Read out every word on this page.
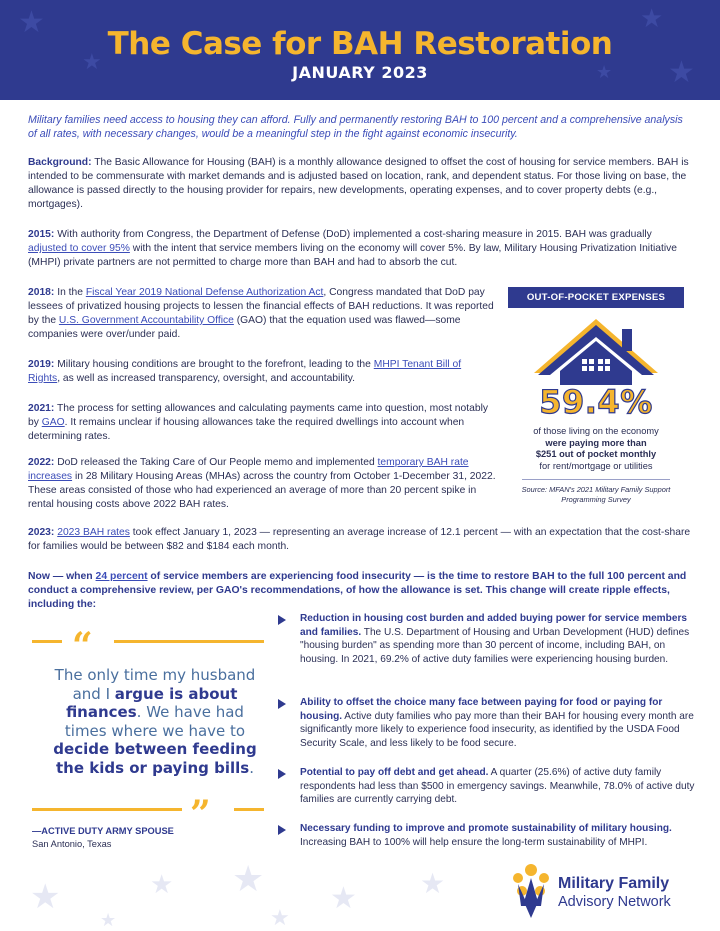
★
★
★
★
★
The Case for BAH Restoration
JANUARY 2023
Military families need access to housing they can afford. Fully and permanently restoring BAH to 100 percent and a comprehensive analysis of all rates, with necessary changes, would be a meaningful step in the fight against economic insecurity.
Background: The Basic Allowance for Housing (BAH) is a monthly allowance designed to offset the cost of housing for service members. BAH is intended to be commensurate with market demands and is adjusted based on location, rank, and dependent status. For those living on base, the allowance is passed directly to the housing provider for repairs, new developments, operating expenses, and to cover property debts (e.g., mortgages).
2015: With authority from Congress, the Department of Defense (DoD) implemented a cost-sharing measure in 2015. BAH was gradually adjusted to cover 95% with the intent that service members living on the economy will cover 5%. By law, Military Housing Privatization Initiative (MHPI) private partners are not permitted to charge more than BAH and had to absorb the cut.
2018: In the Fiscal Year 2019 National Defense Authorization Act, Congress mandated that DoD pay lessees of privatized housing projects to lessen the financial effects of BAH reductions. It was reported by the U.S. Government Accountability Office (GAO) that the equation used was flawed—some companies were over/under paid.
2019: Military housing conditions are brought to the forefront, leading to the MHPI Tenant Bill of Rights, as well as increased transparency, oversight, and accountability.
2021: The process for setting allowances and calculating payments came into question, most notably by GAO. It remains unclear if housing allowances take the required dwellings into account when determining rates.
2022: DoD released the Taking Care of Our People memo and implemented temporary BAH rate increases in 28 Military Housing Areas (MHAs) across the country from October 1-December 31, 2022. These areas consisted of those who had experienced an average of more than 20 percent spike in rental housing costs above 2022 BAH rates.
2023: 2023 BAH rates took effect January 1, 2023 — representing an average increase of 12.1 percent — with an expectation that the cost-share for families would be between $82 and $184 each month.
Now — when 24 percent of service members are experiencing food insecurity — is the time to restore BAH to the full 100 percent and conduct a comprehensive review, per GAO's recommendations, of how the allowance is set. This change will create ripple effects, including the:
OUT-OF-POCKET EXPENSES
59.4%
of those living on the economy
were paying more than
$251 out of pocket monthly
for rent/mortgage or utilities
Source: MFAN's 2021 Military Family Support Programming Survey
★	★ ★ ★ ★
★	★
“
The only time my husband and I argue is about finances. We have had times where we have to decide between feeding the kids or paying bills.
”
—ACTIVE DUTY ARMY SPOUSE
San Antonio, Texas
Reduction in housing cost burden and added buying power for service members and families. The U.S. Department of Housing and Urban Development (HUD) defines "housing burden" as spending more than 30 percent of income, including BAH, on housing. In 2021, 69.2% of active duty families were experiencing housing burden.
Ability to offset the choice many face between paying for food or paying for housing. Active duty families who pay more than their BAH for housing every month are significantly more likely to experience food insecurity, as identified by the USDA Food Security Scale, and less likely to be food secure.
Potential to pay off debt and get ahead. A quarter (25.6%) of active duty family respondents had less than $500 in emergency savings. Meanwhile, 78.0% of active duty families are currently carrying debt.
Necessary funding to improve and promote sustainability of military housing. Increasing BAH to 100% will help ensure the long-term sustainability of MHPI.
Military Family
Advisory Network
